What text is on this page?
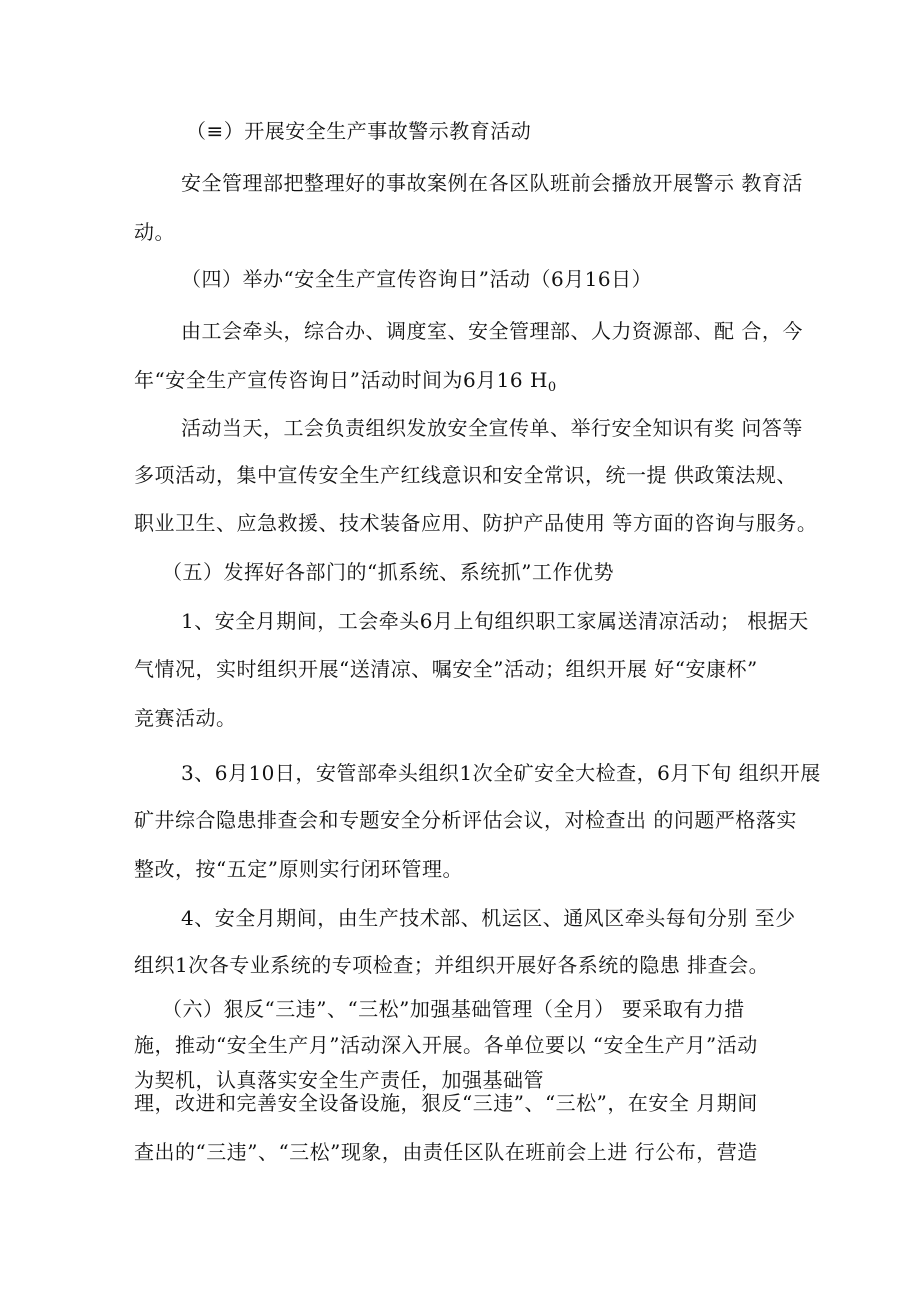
（≡）开展安全生产事故警示教育活动
安全管理部把整理好的事故案例在各区队班前会播放开展警示 教育活
动。
（四）举办“安全生产宣传咨询日”活动（6月16日）
由工会牵头，综合办、调度室、安全管理部、人力资源部、配 合，今
年“安全生产宣传咨询日”活动时间为6月16 $H_0$
活动当天，工会负责组织发放安全宣传单、举行安全知识有奖 问答等
多项活动，集中宣传安全生产红线意识和安全常识，统一提 供政策法规、
职业卫生、应急救援、技术装备应用、防护产品使用 等方面的咨询与服务。
（五）发挥好各部门的“抓系统、系统抓”工作优势
1、安全月期间，工会牵头6月上旬组织职工家属送清凉活动； 根据天
气情况，实时组织开展“送清凉、嘱安全”活动；组织开展 好“安康杯”
竞赛活动。
3、6月10日，安管部牵头组织1次全矿安全大检查，6月下旬 组织开展
矿井综合隐患排查会和专题安全分析评估会议，对检查出 的问题严格落实
整改，按“五定”原则实行闭环管理。
4、安全月期间，由生产技术部、机运区、通风区牵头每旬分别 至少
组织1次各专业系统的专项检查；并组织开展好各系统的隐患 排查会。
（六）狠反“三违”、“三松”加强基础管理（全月） 要采取有力措
施，推动“安全生产月”活动深入开展。各单位要以 “安全生产月”活动
为契机，认真落实安全生产责任，加强基础管
理，改进和完善安全设备设施，狠反“三违”、“三松”，在安全 月期间
查出的“三违”、“三松”现象，由责任区队在班前会上进 行公布，营造
